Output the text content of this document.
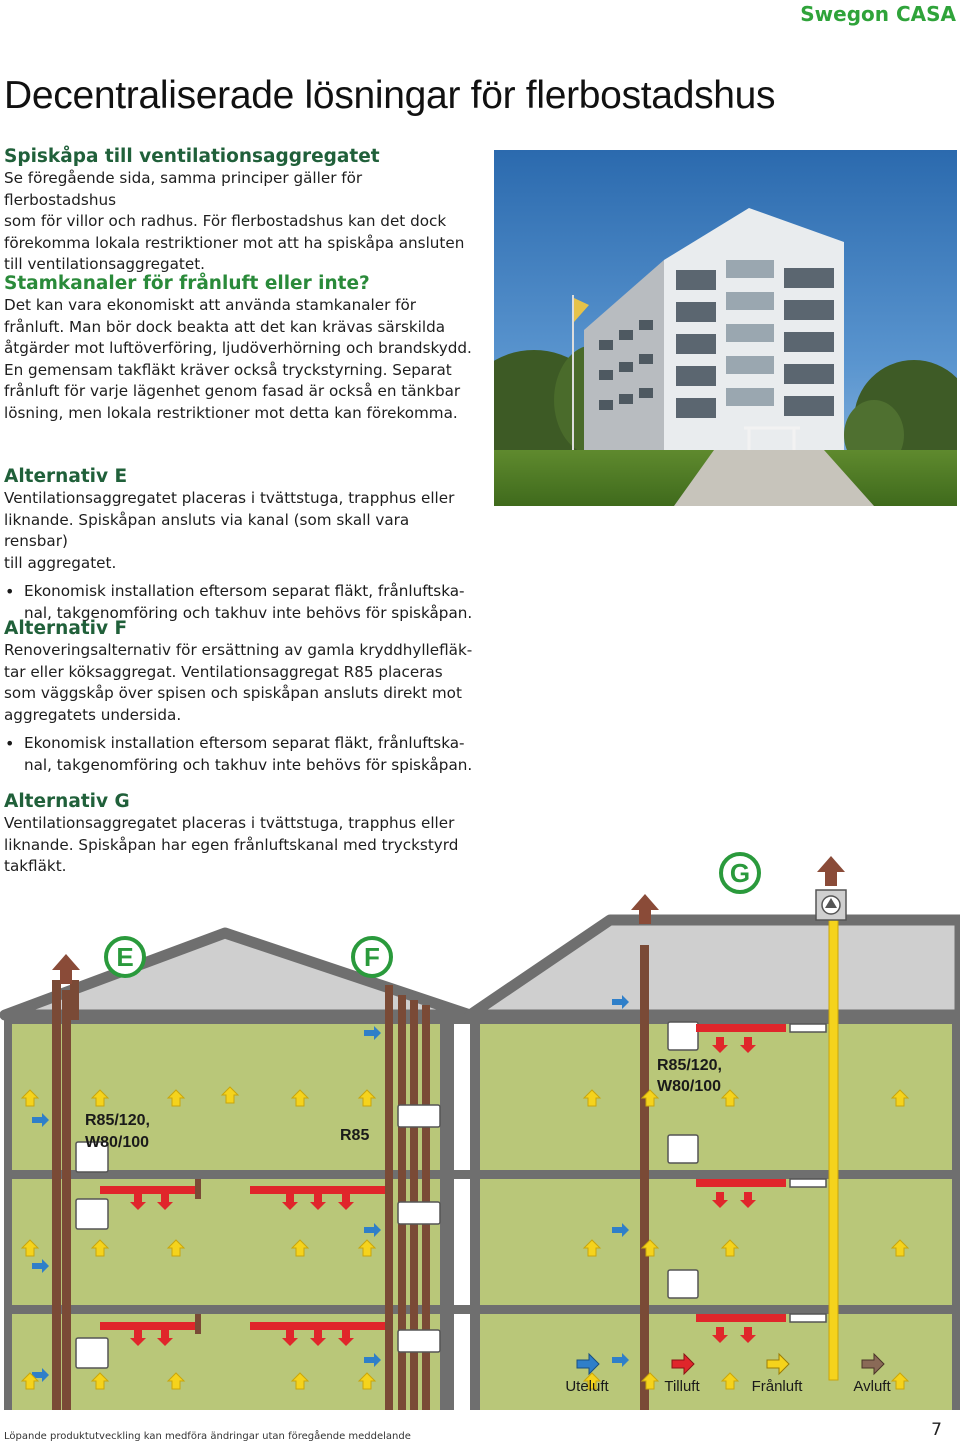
Swegon CASA
Decentraliserade lösningar för flerbostadshus
Spiskåpa till ventilationsaggregatet
Se föregående sida, samma principer gäller för flerbostadshus
som för villor och radhus. För flerbostadshus kan det dock
förekomma lokala restriktioner mot att ha spiskåpa ansluten
till ventilationsaggregatet.
Stamkanaler för frånluft eller inte?
Det kan vara ekonomiskt att använda stamkanaler för
frånluft. Man bör dock beakta att det kan krävas särskilda
åtgärder mot luftöverföring, ljudöverhörning och brandskydd.
En gemensam takfläkt kräver också tryckstyrning. Separat
frånluft för varje lägenhet genom fasad är också en tänkbar
lösning, men lokala restriktioner mot detta kan förekomma.
Alternativ E
Ventilationsaggregatet placeras i tvättstuga, trapphus eller
liknande. Spiskåpan ansluts via kanal (som skall vara rensbar)
till aggregatet.
• Ekonomisk installation eftersom separat fläkt, frånluftska-
nal, takgenomföring och takhuv inte behövs för spiskåpan.
Alternativ F
Renoveringsalternativ för ersättning av gamla kryddhyllefläk-
tar eller köksaggregat. Ventilationsaggregat R85 placeras
som väggskåp över spisen och spiskåpan ansluts direkt mot
aggregatets undersida.
• Ekonomisk installation eftersom separat fläkt, frånluftska-
nal, takgenomföring och takhuv inte behövs för spiskåpan.
Alternativ G
Ventilationsaggregatet placeras i tvättstuga, trapphus eller
liknande. Spiskåpan har egen frånluftskanal med tryckstyrd
takfläkt.
E
R85/120,
W80/100
F
R85
G
R85/120,
W80/100
Uteluft	Tilluft	Frånluft	Avluft
Löpande produktutveckling kan medföra ändringar utan föregående meddelande	7
